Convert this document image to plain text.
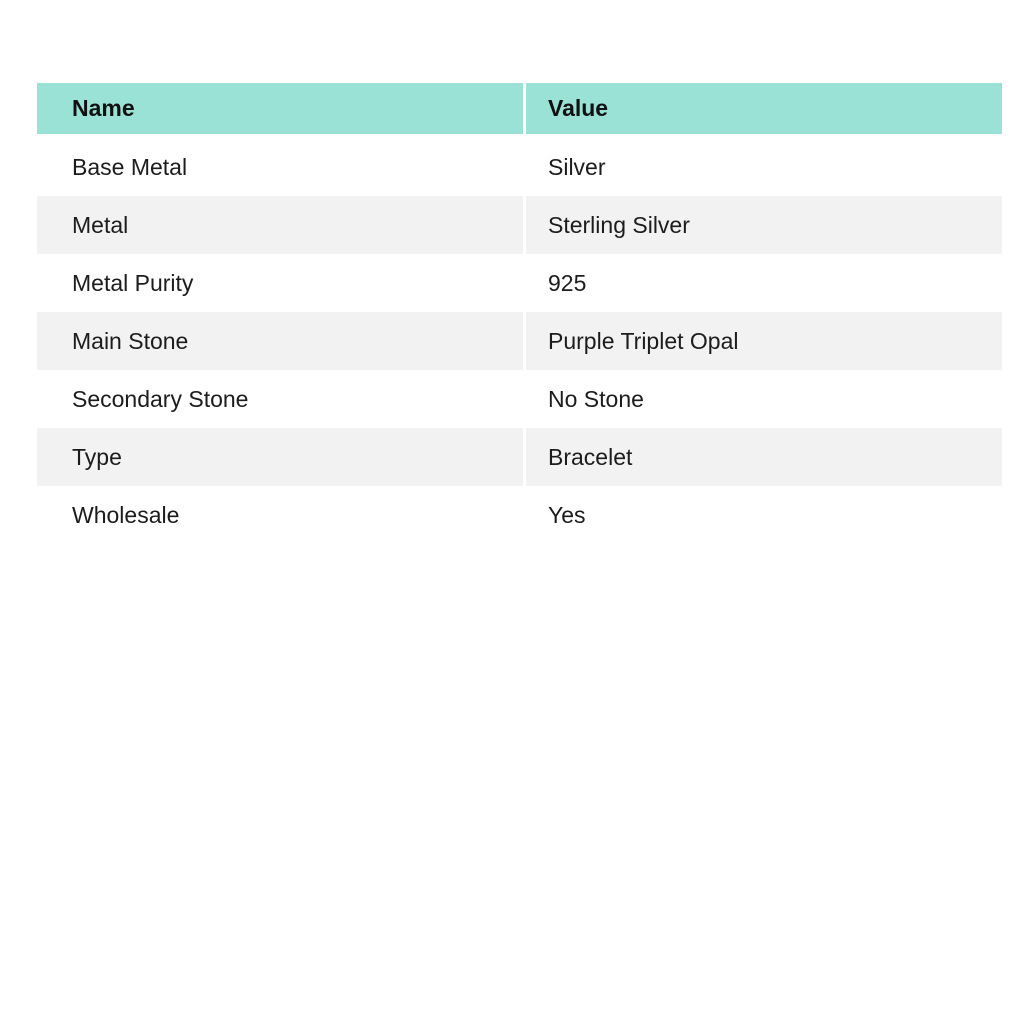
Name	Value
Base Metal	Silver
Metal	Sterling Silver
Metal Purity	925
Main Stone	Purple Triplet Opal
Secondary Stone	No Stone
Type	Bracelet
Wholesale	Yes
